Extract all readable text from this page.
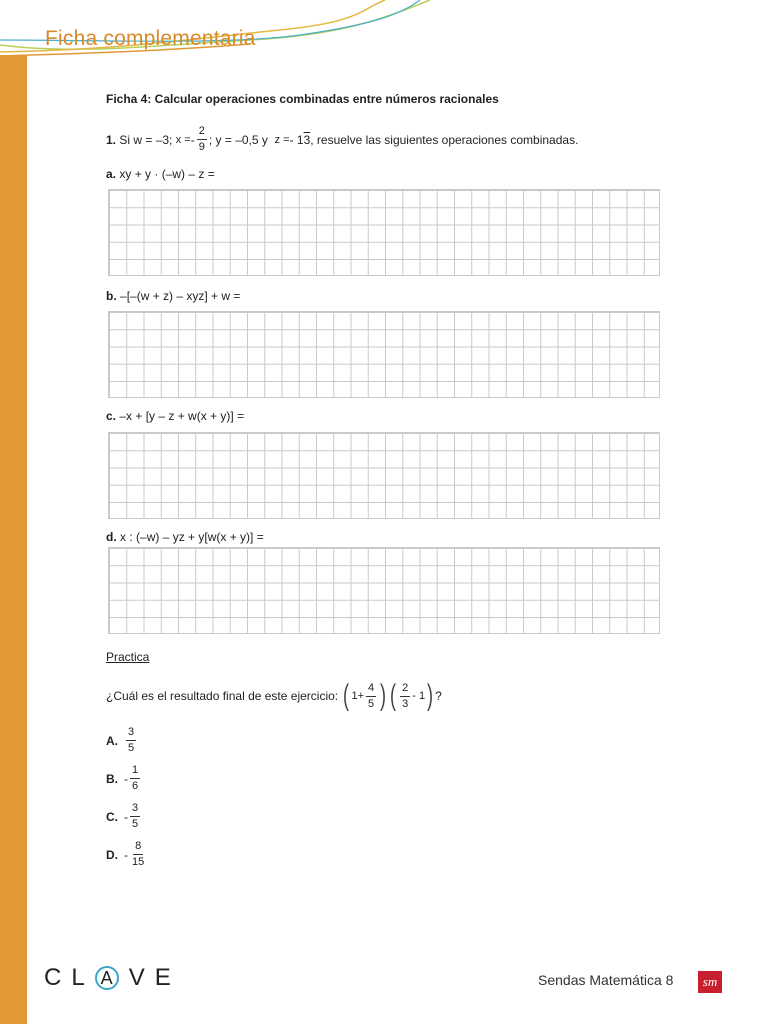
Ficha complementaria
Ficha 4: Calcular operaciones combinadas entre números racionales
1.
Si w = –3;
x = - $\frac{2}{9}$ ; y = –0,5 y
z = - 1 3 , resuelve las siguientes operaciones combinadas.
a. xy + y · (–w) – z =
b. –[–(w + z) – xyz] + w =
c. –x + [y – z + w(x + y)] =
d. x : (–w) – yz + y[w(x + y)] =
Practica
¿Cuál es el resultado final de este ejercicio:
( $1+ \frac{4}{5}$ ) ( $\frac{2}{3} - 1$ ) ?
A. $\frac{3}{5}$
B. - $\frac{1}{6}$
C. - $\frac{3}{5}$
D. - $\frac{8}{15}$
CL A VE	Sendas Matemática 8	sm
